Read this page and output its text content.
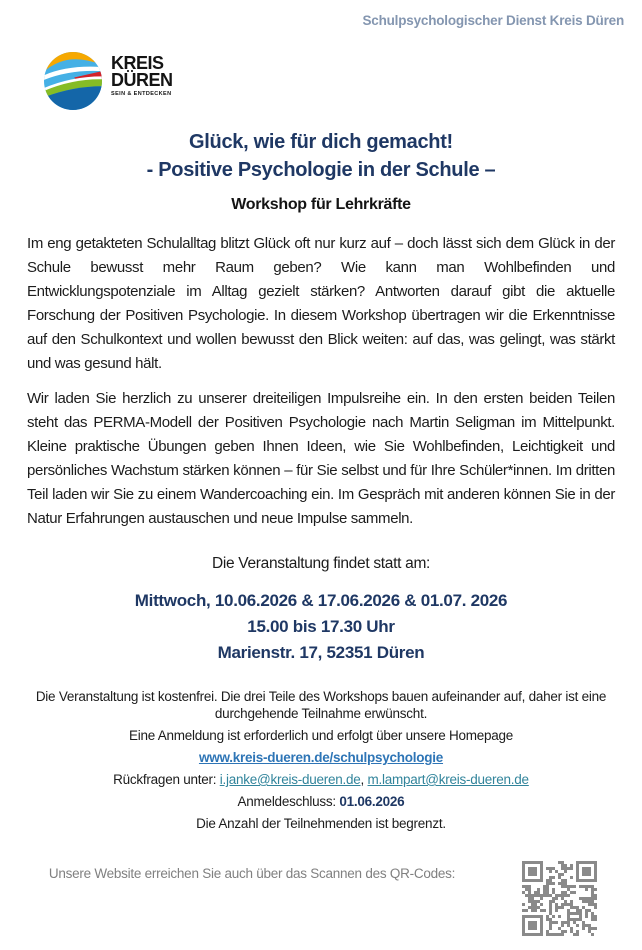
Schulpsychologischer Dienst Kreis Düren
KREIS
DÜREN
SEIN & ENTDECKEN
Glück, wie für dich gemacht!
- Positive Psychologie in der Schule –
Workshop für Lehrkräfte
Im eng getakteten Schulalltag blitzt Glück oft nur kurz auf – doch lässt sich dem Glück in der Schule bewusst mehr Raum geben? Wie kann man Wohlbefinden und Entwicklungspotenziale im Alltag gezielt stärken? Antworten darauf gibt die aktuelle Forschung der Positiven Psychologie. In diesem Workshop übertragen wir die Erkenntnisse auf den Schulkontext und wollen bewusst den Blick weiten: auf das, was gelingt, was stärkt und was gesund hält.
Wir laden Sie herzlich zu unserer dreiteiligen Impulsreihe ein. In den ersten beiden Teilen steht das PERMA-Modell der Positiven Psychologie nach Martin Seligman im Mittelpunkt. Kleine praktische Übungen geben Ihnen Ideen, wie Sie Wohlbefinden, Leichtigkeit und persönliches Wachstum stärken können – für Sie selbst und für Ihre Schüler*innen. Im dritten Teil laden wir Sie zu einem Wandercoaching ein. Im Gespräch mit anderen können Sie in der Natur Erfahrungen austauschen und neue Impulse sammeln.
Die Veranstaltung findet statt am:
Mittwoch, 10.06.2026 & 17.06.2026 & 01.07. 2026
15.00 bis 17.30 Uhr
Marienstr. 17, 52351 Düren
Die Veranstaltung ist kostenfrei. Die drei Teile des Workshops bauen aufeinander auf, daher ist eine durchgehende Teilnahme erwünscht.
Eine Anmeldung ist erforderlich und erfolgt über unsere Homepage
www.kreis-dueren.de/schulpsychologie
Rückfragen unter: i.janke@kreis-dueren.de, m.lampart@kreis-dueren.de
Anmeldeschluss: 01.06.2026
Die Anzahl der Teilnehmenden ist begrenzt.
Unsere Website erreichen Sie auch über das Scannen des QR-Codes:
